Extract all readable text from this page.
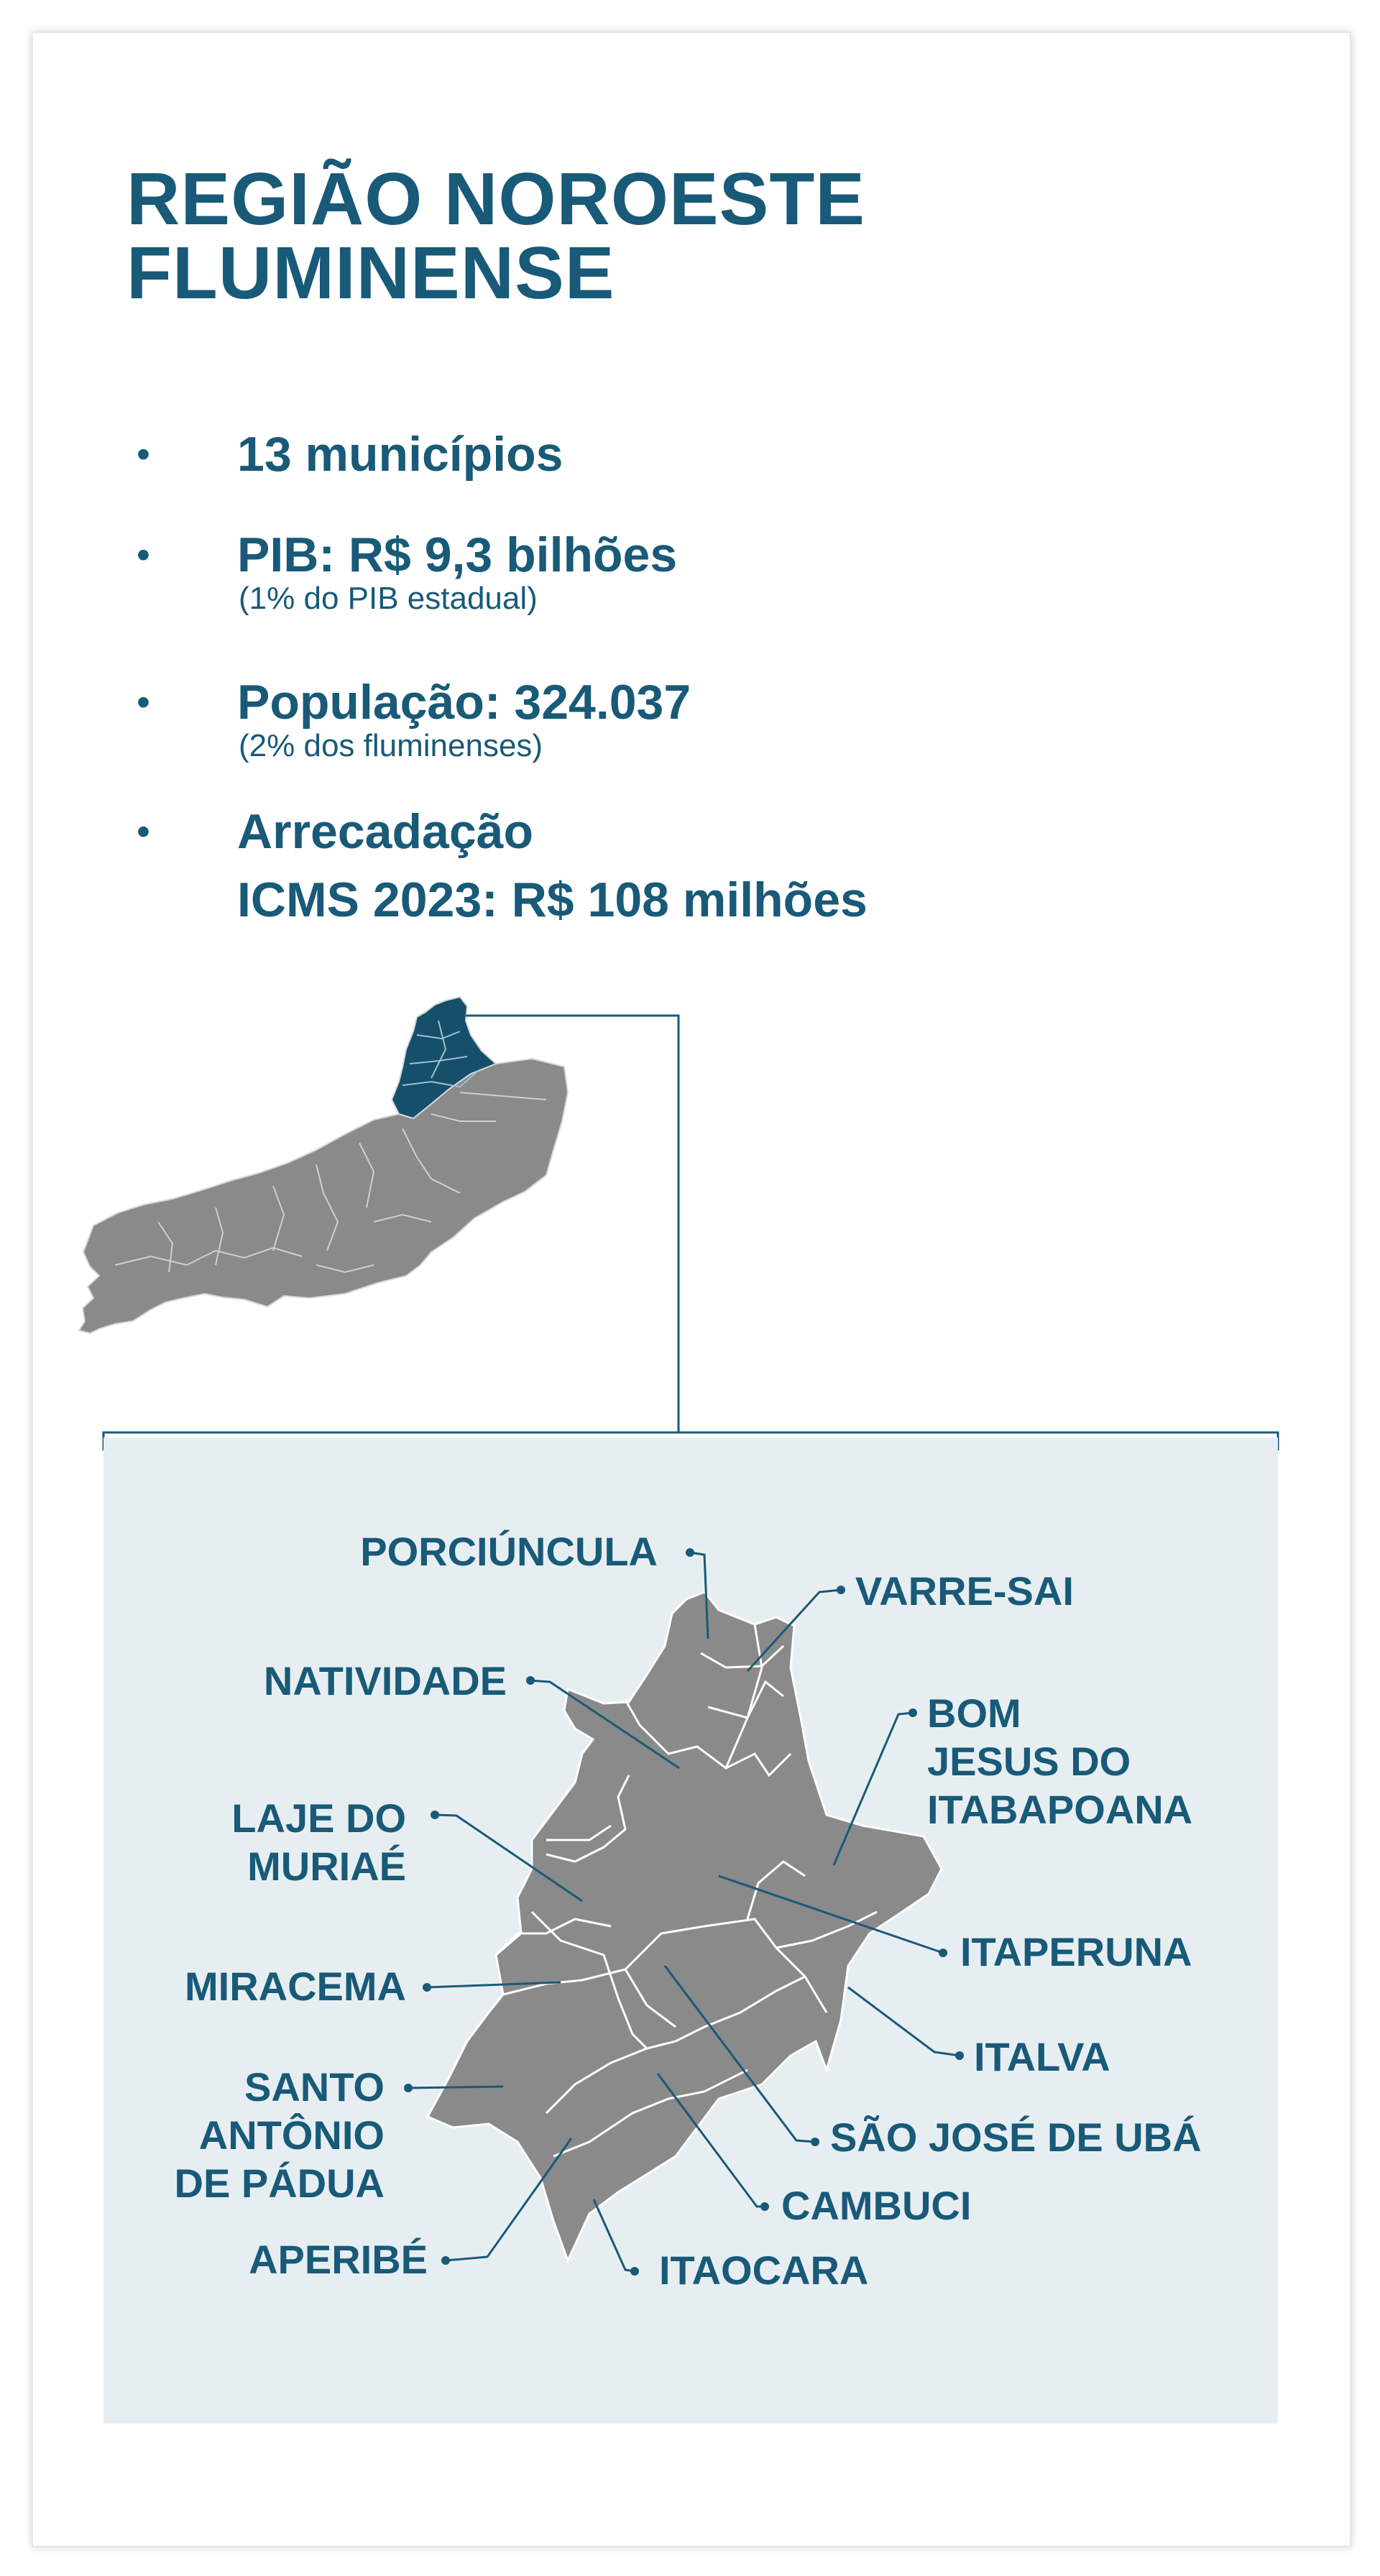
REGIÃO NOROESTE
FLUMINENSE
• 13 municípios
• PIB: R$ 9,3 bilhões
(1% do PIB estadual)
• População: 324.037
(2% dos fluminenses)
• Arrecadação
ICMS 2023: R$ 108 milhões
PORCIÚNCULA
VARRE-SAI
NATIVIDADE
BOM
JESUS DO
ITABAPOANA
LAJE DO
MURIAÉ
ITAPERUNA
MIRACEMA
ITALVA
SANTO
ANTÔNIO
DE PÁDUA
SÃO JOSÉ DE UBÁ
CAMBUCI
APERIBÉ	ITAOCARA
